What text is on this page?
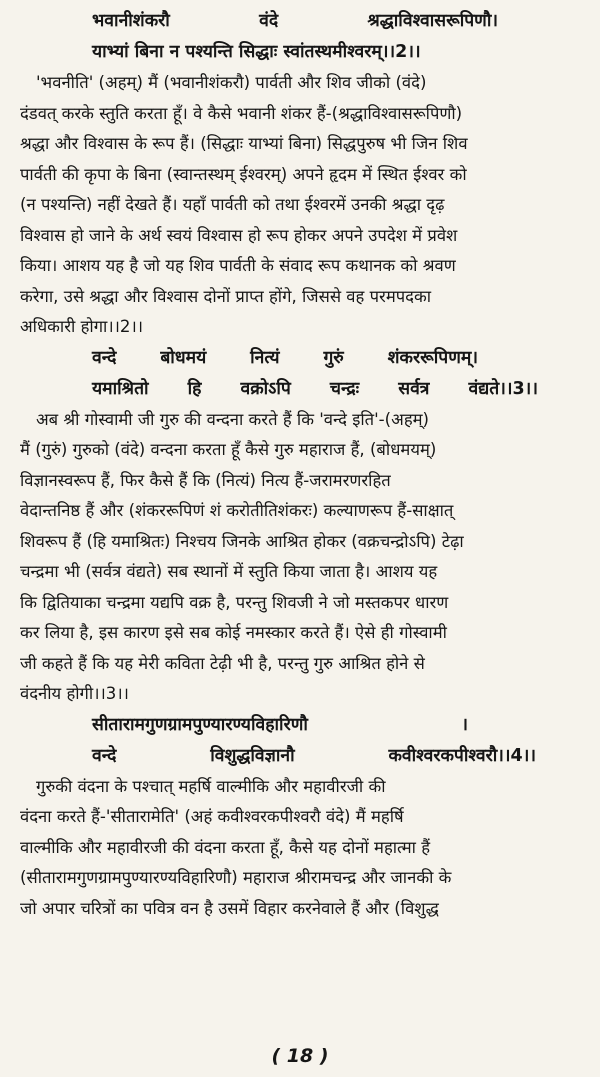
भवानीशंकरौ	वंदे	श्रद्धाविश्वासरूपिणौ।
याभ्यां बिना न पश्यन्ति सिद्धाः स्वांतस्थमीश्वरम्।।2।।
'भवनीति' (अहम्) मैं (भवानीशंकरौ) पार्वती और शिव जीको (वंदे)
दंडवत् करके स्तुति करता हूँ। वे कैसे भवानी शंकर हैं-(श्रद्धाविश्वासरूपिणौ)
श्रद्धा और विश्वास के रूप हैं। (सिद्धाः याभ्यां बिना) सिद्धपुरुष भी जिन शिव
पार्वती की कृपा के बिना (स्वान्तस्थम् ईश्वरम्) अपने हृदम में स्थित ईश्वर को
(न पश्यन्ति) नहीं देखते हैं। यहाँ पार्वती को तथा ईश्वरमें उनकी श्रद्धा दृढ़
विश्वास हो जाने के अर्थ स्वयं विश्वास हो रूप होकर अपने उपदेश में प्रवेश
किया। आशय यह है जो यह शिव पार्वती के संवाद रूप कथानक को श्रवण
करेगा, उसे श्रद्धा और विश्वास दोनों प्राप्त होंगे, जिससे वह परमपदका
अधिकारी होगा।।2।।
वन्दे	बोधमयं	नित्यं	गुरुं	शंकररूपिणम्।
यमाश्रितो हि वक्रोऽपि चन्द्रः सर्वत्र वंद्यते।।3।।
अब श्री गोस्वामी जी गुरु की वन्दना करते हैं कि 'वन्दे इति'-(अहम्)
मैं (गुरुं) गुरुको (वंदे) वन्दना करता हूँ कैसे गुरु महाराज हैं, (बोधमयम्)
विज्ञानस्वरूप हैं, फिर कैसे हैं कि (नित्यं) नित्य हैं-जरामरणरहित
वेदान्तनिष्ठ हैं और (शंकररूपिणं शं करोतीतिशंकरः) कल्याणरूप हैं-साक्षात्
शिवरूप हैं (हि यमाश्रितः) निश्चय जिनके आश्रित होकर (वक्रचन्द्रोऽपि) टेढ़ा
चन्द्रमा भी (सर्वत्र वंद्यते) सब स्थानों में स्तुति किया जाता है। आशय यह
कि द्वितियाका चन्द्रमा यद्यपि वक्र है, परन्तु शिवजी ने जो मस्तकपर धारण
कर लिया है, इस कारण इसे सब कोई नमस्कार करते हैं। ऐसे ही गोस्वामी
जी कहते हैं कि यह मेरी कविता टेढ़ी भी है, परन्तु गुरु आश्रित होने से
वंदनीय होगी।।3।।
सीतारामगुणग्रामपुण्यारण्यविहारिणौ	।
वन्दे	विशुद्धविज्ञानौ	कवीश्वरकपीश्वरौ।।4।।
गुरुकी वंदना के पश्चात् महर्षि वाल्मीकि और महावीरजी की
वंदना करते हैं-'सीतारामेति' (अहं कवीश्वरकपीश्वरौ वंदे) मैं महर्षि
वाल्मीकि और महावीरजी की वंदना करता हूँ, कैसे यह दोनों महात्मा हैं
(सीतारामगुणग्रामपुण्यारण्यविहारिणौ) महाराज श्रीरामचन्द्र और जानकी के
जो अपार चरित्रों का पवित्र वन है उसमें विहार करनेवाले हैं और (विशुद्ध
( 18 )
